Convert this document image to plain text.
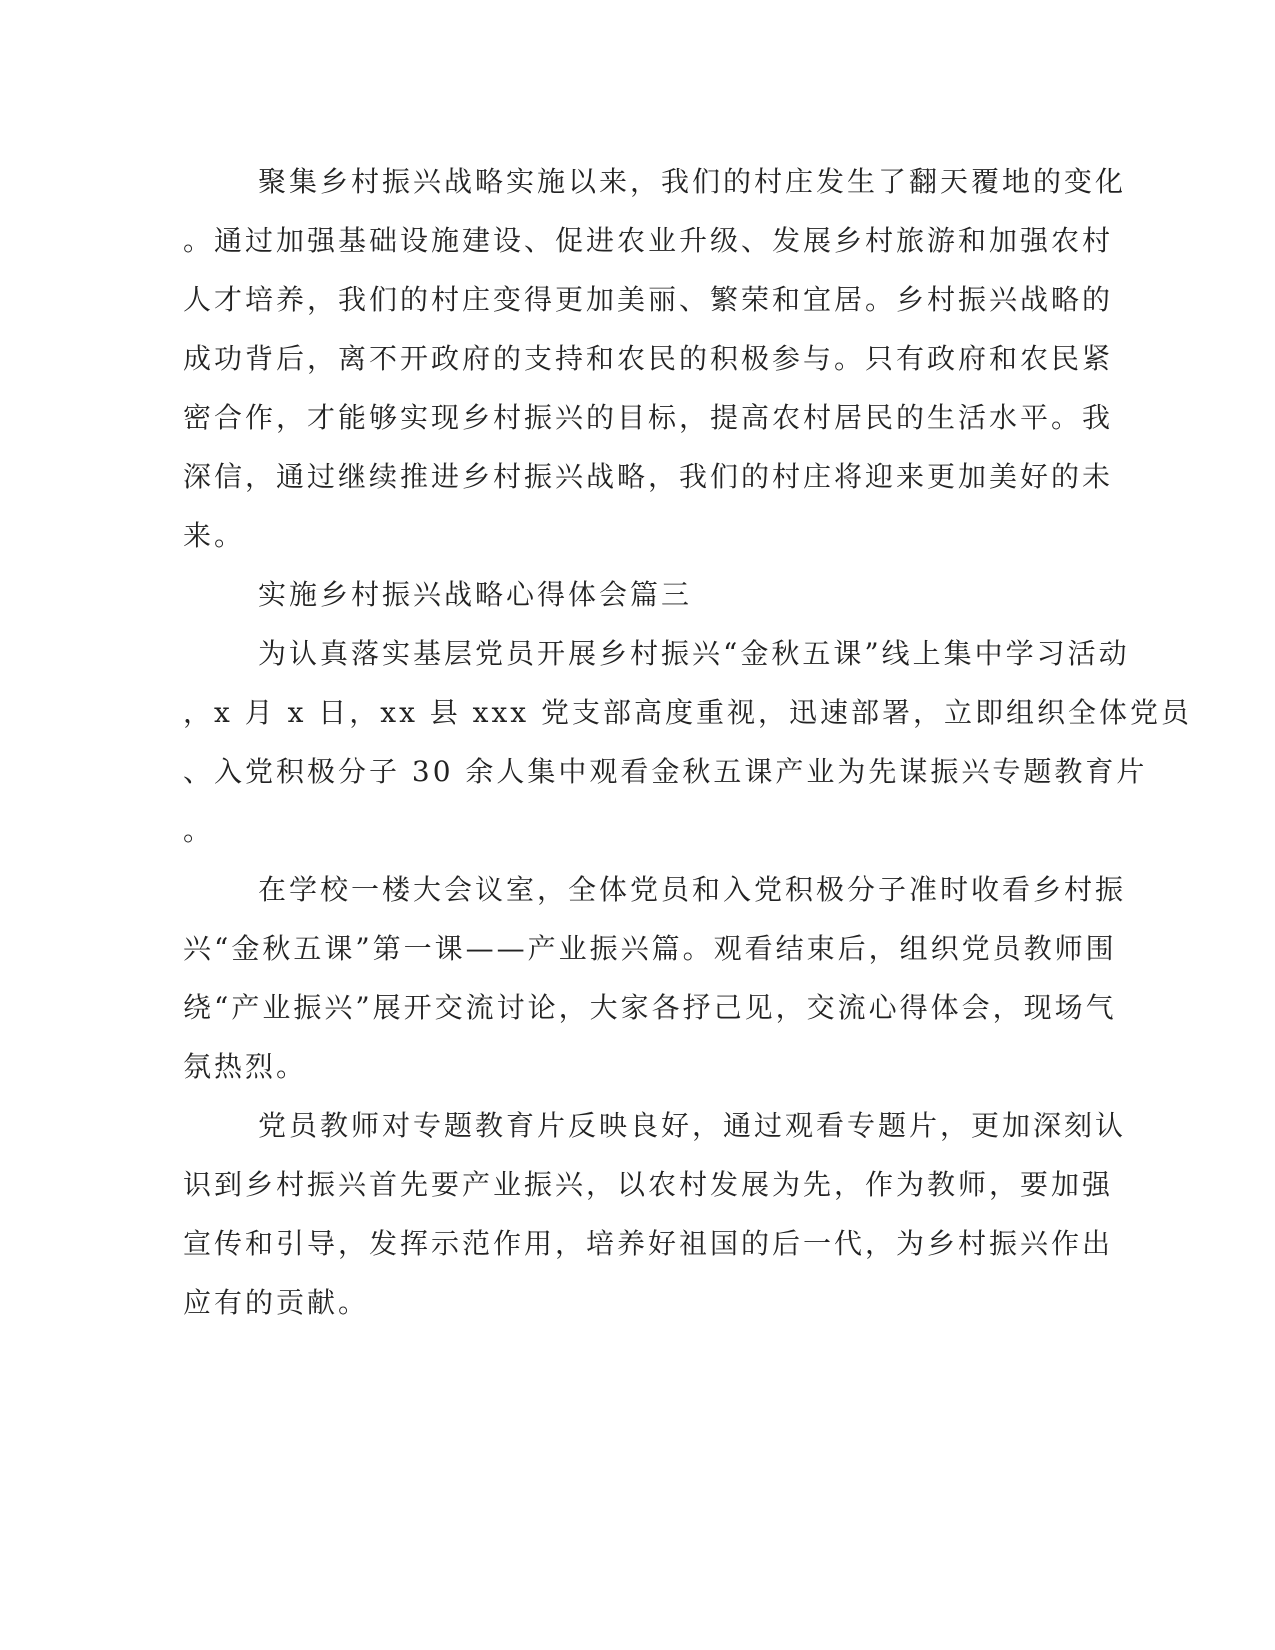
聚集乡村振兴战略实施以来，我们的村庄发生了翻天覆地的变化
。通过加强基础设施建设、促进农业升级、发展乡村旅游和加强农村
人才培养，我们的村庄变得更加美丽、繁荣和宜居。乡村振兴战略的
成功背后，离不开政府的支持和农民的积极参与。只有政府和农民紧
密合作，才能够实现乡村振兴的目标，提高农村居民的生活水平。我
深信，通过继续推进乡村振兴战略，我们的村庄将迎来更加美好的未
来。
实施乡村振兴战略心得体会篇三
为认真落实基层党员开展乡村振兴“金秋五课”线上集中学习活动
，x 月 x 日，xx 县 xxx 党支部高度重视，迅速部署，立即组织全体党员
、入党积极分子 30 余人集中观看金秋五课产业为先谋振兴专题教育片
。
在学校一楼大会议室，全体党员和入党积极分子准时收看乡村振
兴“金秋五课”第一课——产业振兴篇。观看结束后，组织党员教师围
绕“产业振兴”展开交流讨论，大家各抒己见，交流心得体会，现场气
氛热烈。
党员教师对专题教育片反映良好，通过观看专题片，更加深刻认
识到乡村振兴首先要产业振兴，以农村发展为先，作为教师，要加强
宣传和引导，发挥示范作用，培养好祖国的后一代，为乡村振兴作出
应有的贡献。
